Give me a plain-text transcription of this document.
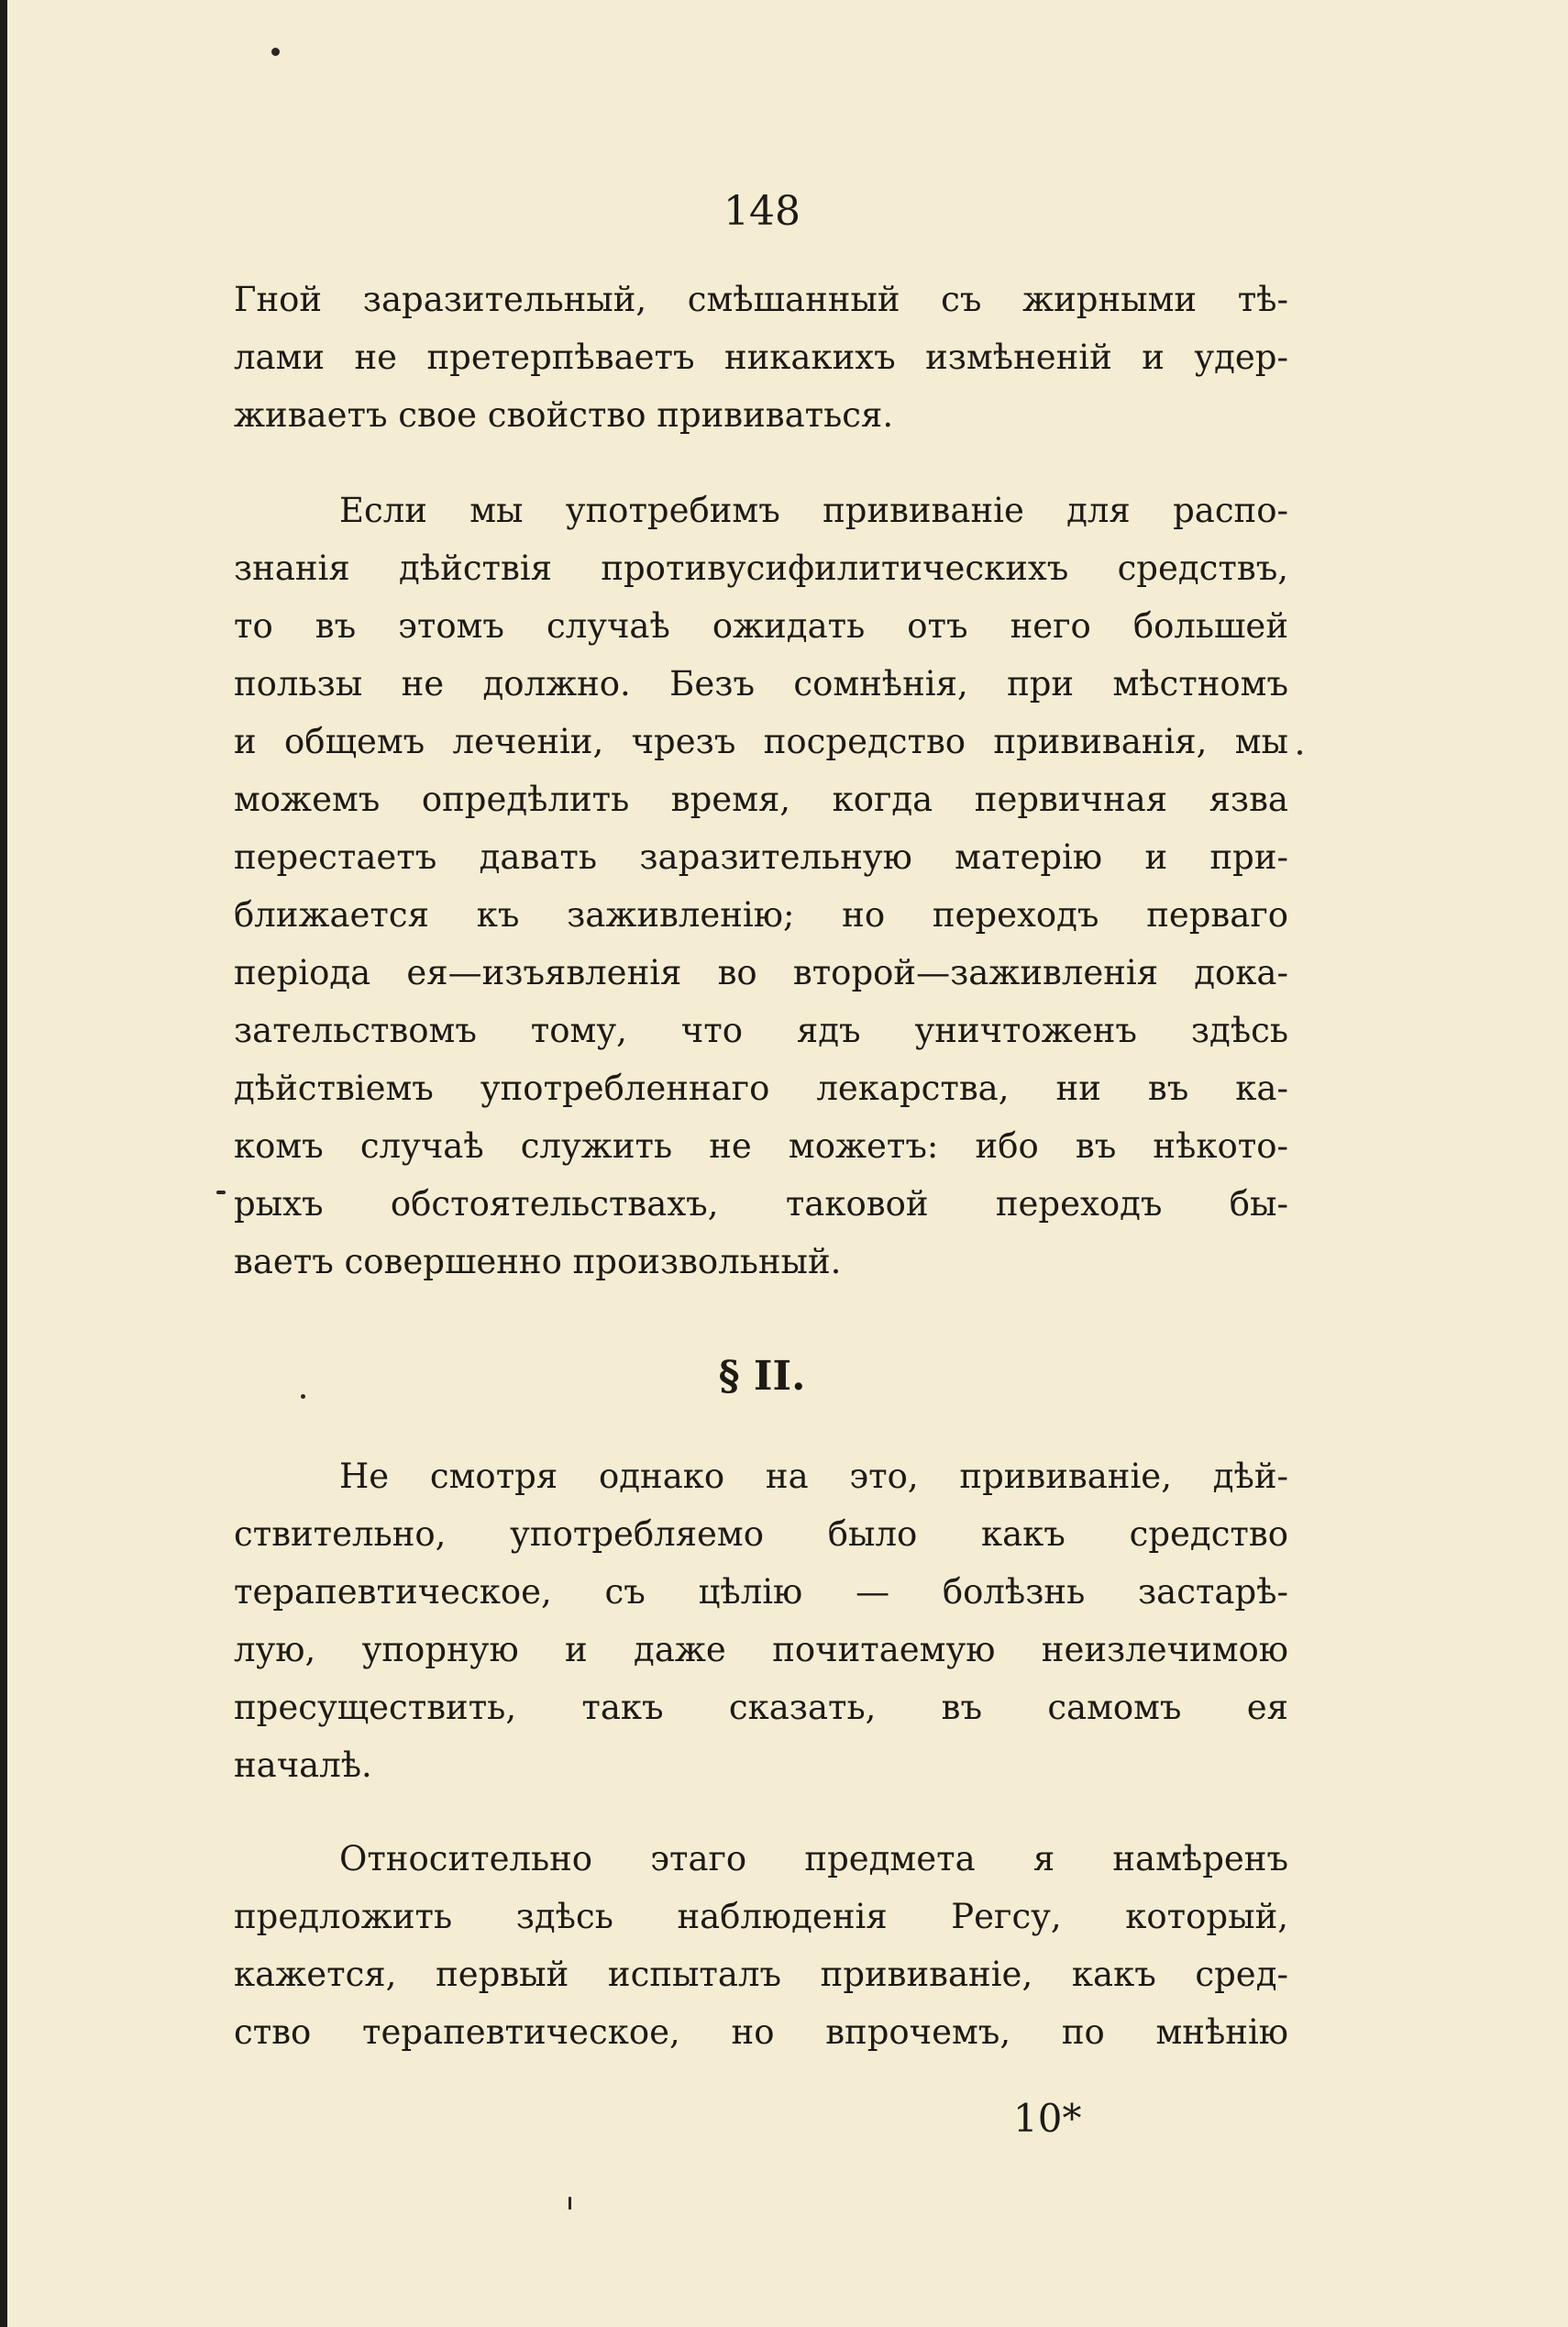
148
Гной заразительный, смѣшанный съ жирными тѣ-
лами не претерпѣваетъ никакихъ измѣненій и удер-
живаетъ свое свойство прививаться.
Если мы употребимъ прививаніе для распо-
знанія дѣйствія противусифилитическихъ средствъ,
то въ этомъ случаѣ ожидать отъ него большей
пользы не должно. Безъ сомнѣнія, при мѣстномъ
и общемъ леченіи, чрезъ посредство прививанія, мы
можемъ опредѣлить время, когда первичная язва
перестаетъ давать заразительную матерію и при-
ближается къ заживленію; но переходъ перваго
періода ея—изъявленія во второй—заживленія дока-
зательствомъ тому, что ядъ уничтоженъ здѣсь
дѣйствіемъ употребленнаго лекарства, ни въ ка-
комъ случаѣ служить не можетъ: ибо въ нѣкото-
рыхъ обстоятельствахъ, таковой переходъ бы-
ваетъ совершенно произвольный.
§ II.
Не смотря однако на это, прививаніе, дѣй-
ствительно, употребляемо было какъ средство
терапевтическое, съ цѣлію — болѣзнь застарѣ-
лую, упорную и даже почитаемую неизлечимою
пресуществить, такъ сказать, въ самомъ ея
началѣ.
Относительно этаго предмета я намѣренъ
предложить здѣсь наблюденія Регсу, который,
кажется, первый испыталъ прививаніе, какъ сред-
ство терапевтическое, но впрочемъ, по мнѣнію
10*
